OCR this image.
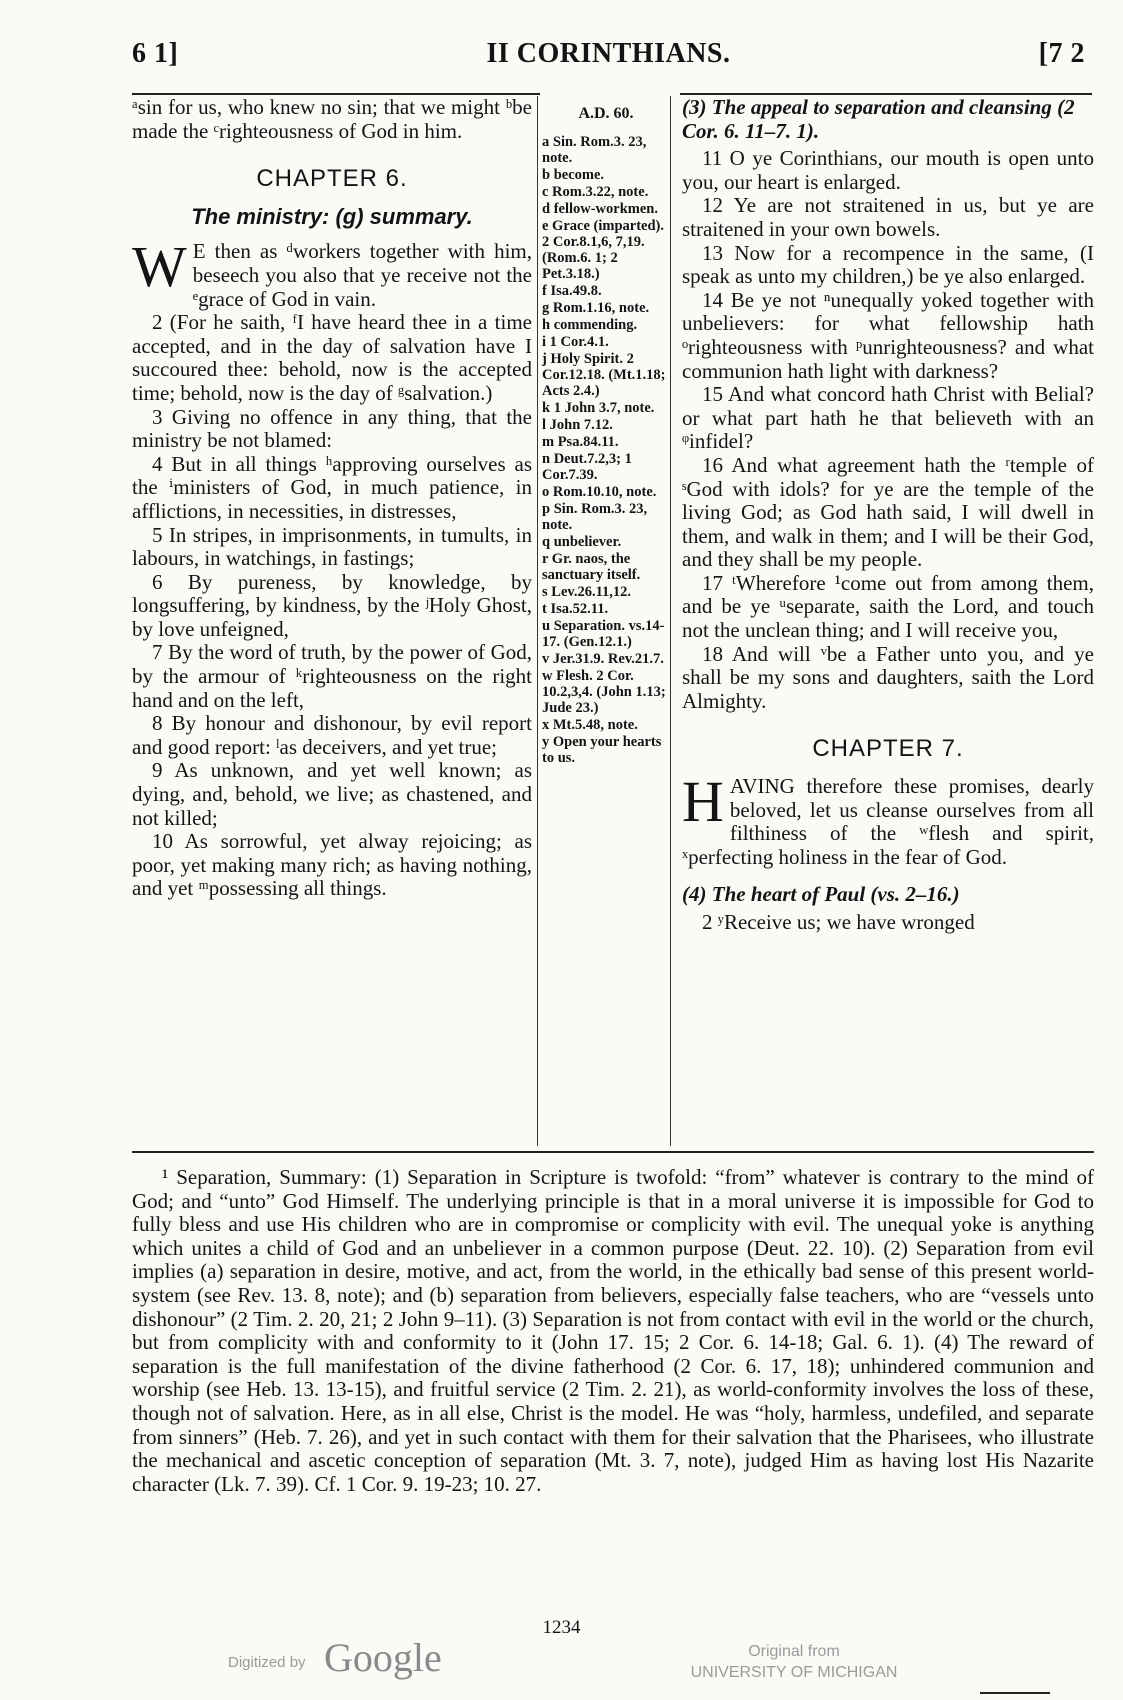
6 1]	II CORINTHIANS.	[7 2

ᵃsin for us, who knew no sin; that we might ᵇbe made the ᶜrighteousness of God in him.

CHAPTER 6.
The ministry: (g) summary.

W E then as ᵈworkers together with him, beseech you also that ye receive not the ᵉgrace of God in vain.

2 (For he saith, ᶠI have heard thee in a time accepted, and in the day of salvation have I succoured thee: behold, now is the accepted time; behold, now is the day of ᵍsalvation.)

3 Giving no offence in any thing, that the ministry be not blamed:

4 But in all things ʰapproving ourselves as the ⁱministers of God, in much patience, in afflictions, in necessities, in distresses,

5 In stripes, in imprisonments, in tumults, in labours, in watchings, in fastings;

6 By pureness, by knowledge, by longsuffering, by kindness, by the ʲHoly Ghost, by love unfeigned,

7 By the word of truth, by the power of God, by the armour of ᵏrighteousness on the right hand and on the left,

8 By honour and dishonour, by evil report and good report: ˡas deceivers, and yet true;

9 As unknown, and yet well known; as dying, and, behold, we live; as chastened, and not killed;

10 As sorrowful, yet alway rejoicing; as poor, yet making many rich; as having nothing, and yet ᵐpossessing all things.

A.D. 60.
a Sin. Rom.3. 23, note.
b become.
c Rom.3.22, note.
d fellow-workmen.
e Grace (imparted). 2 Cor.8.1,6, 7,19. (Rom.6. 1; 2 Pet.3.18.)
f Isa.49.8.
g Rom.1.16, note.
h commending.
i 1 Cor.4.1.
j Holy Spirit. 2 Cor.12.18. (Mt.1.18; Acts 2.4.)
k 1 John 3.7, note.
l John 7.12.
m Psa.84.11.
n Deut.7.2,3; 1 Cor.7.39.
o Rom.10.10, note.
p Sin. Rom.3. 23, note.
q unbeliever.
r Gr. naos, the sanctuary itself.
s Lev.26.11,12.
t Isa.52.11.
u Separation. vs.14-17. (Gen.12.1.)
v Jer.31.9. Rev.21.7.
w Flesh. 2 Cor. 10.2,3,4. (John 1.13; Jude 23.)
x Mt.5.48, note.
y Open your hearts to us.
(3) The appeal to separation and cleansing (2 Cor. 6. 11–7. 1).

11 O ye Corinthians, our mouth is open unto you, our heart is enlarged.

12 Ye are not straitened in us, but ye are straitened in your own bowels.

13 Now for a recompence in the same, (I speak as unto my children,) be ye also enlarged.

14 Be ye not ⁿunequally yoked together with unbelievers: for what fellowship hath ᵒrighteousness with ᵖunrighteousness? and what communion hath light with darkness?

15 And what concord hath Christ with Belial? or what part hath he that believeth with an ᵠinfidel?

16 And what agreement hath the ʳtemple of ˢGod with idols? for ye are the temple of the living God; as God hath said, I will dwell in them, and walk in them; and I will be their God, and they shall be my people.

17 ᵗWherefore ¹come out from among them, and be ye ᵘseparate, saith the Lord, and touch not the unclean thing; and I will receive you,

18 And will ᵛbe a Father unto you, and ye shall be my sons and daughters, saith the Lord Almighty.

CHAPTER 7.

HAVING therefore these promises, dearly beloved, let us cleanse ourselves from all filthiness of the ʷflesh and spirit, ˣperfecting holiness in the fear of God.

(4) The heart of Paul (vs. 2–16.)

2 ʸReceive us; we have wronged

¹ Separation, Summary: (1) Separation in Scripture is twofold: “from” whatever is contrary to the mind of God; and “unto” God Himself. The underlying principle is that in a moral universe it is impossible for God to fully bless and use His children who are in compromise or complicity with evil. The unequal yoke is anything which unites a child of God and an unbeliever in a common purpose (Deut. 22. 10). (2) Separation from evil implies (a) separation in desire, motive, and act, from the world, in the ethically bad sense of this present world-system (see Rev. 13. 8, note); and (b) separation from believers, especially false teachers, who are “vessels unto dishonour” (2 Tim. 2. 20, 21; 2 John 9–11). (3) Separation is not from contact with evil in the world or the church, but from complicity with and conformity to it (John 17. 15; 2 Cor. 6. 14-18; Gal. 6. 1). (4) The reward of separation is the full manifestation of the divine fatherhood (2 Cor. 6. 17, 18); unhindered communion and worship (see Heb. 13. 13-15), and fruitful service (2 Tim. 2. 21), as world-conformity involves the loss of these, though not of salvation. Here, as in all else, Christ is the model. He was “holy, harmless, undefiled, and separate from sinners” (Heb. 7. 26), and yet in such contact with them for their salvation that the Pharisees, who illustrate the mechanical and ascetic conception of separation (Mt. 3. 7, note), judged Him as having lost His Nazarite character (Lk. 7. 39). Cf. 1 Cor. 9. 19-23; 10. 27.

1234
Digitized by Google	Original from
UNIVERSITY OF MICHIGAN
